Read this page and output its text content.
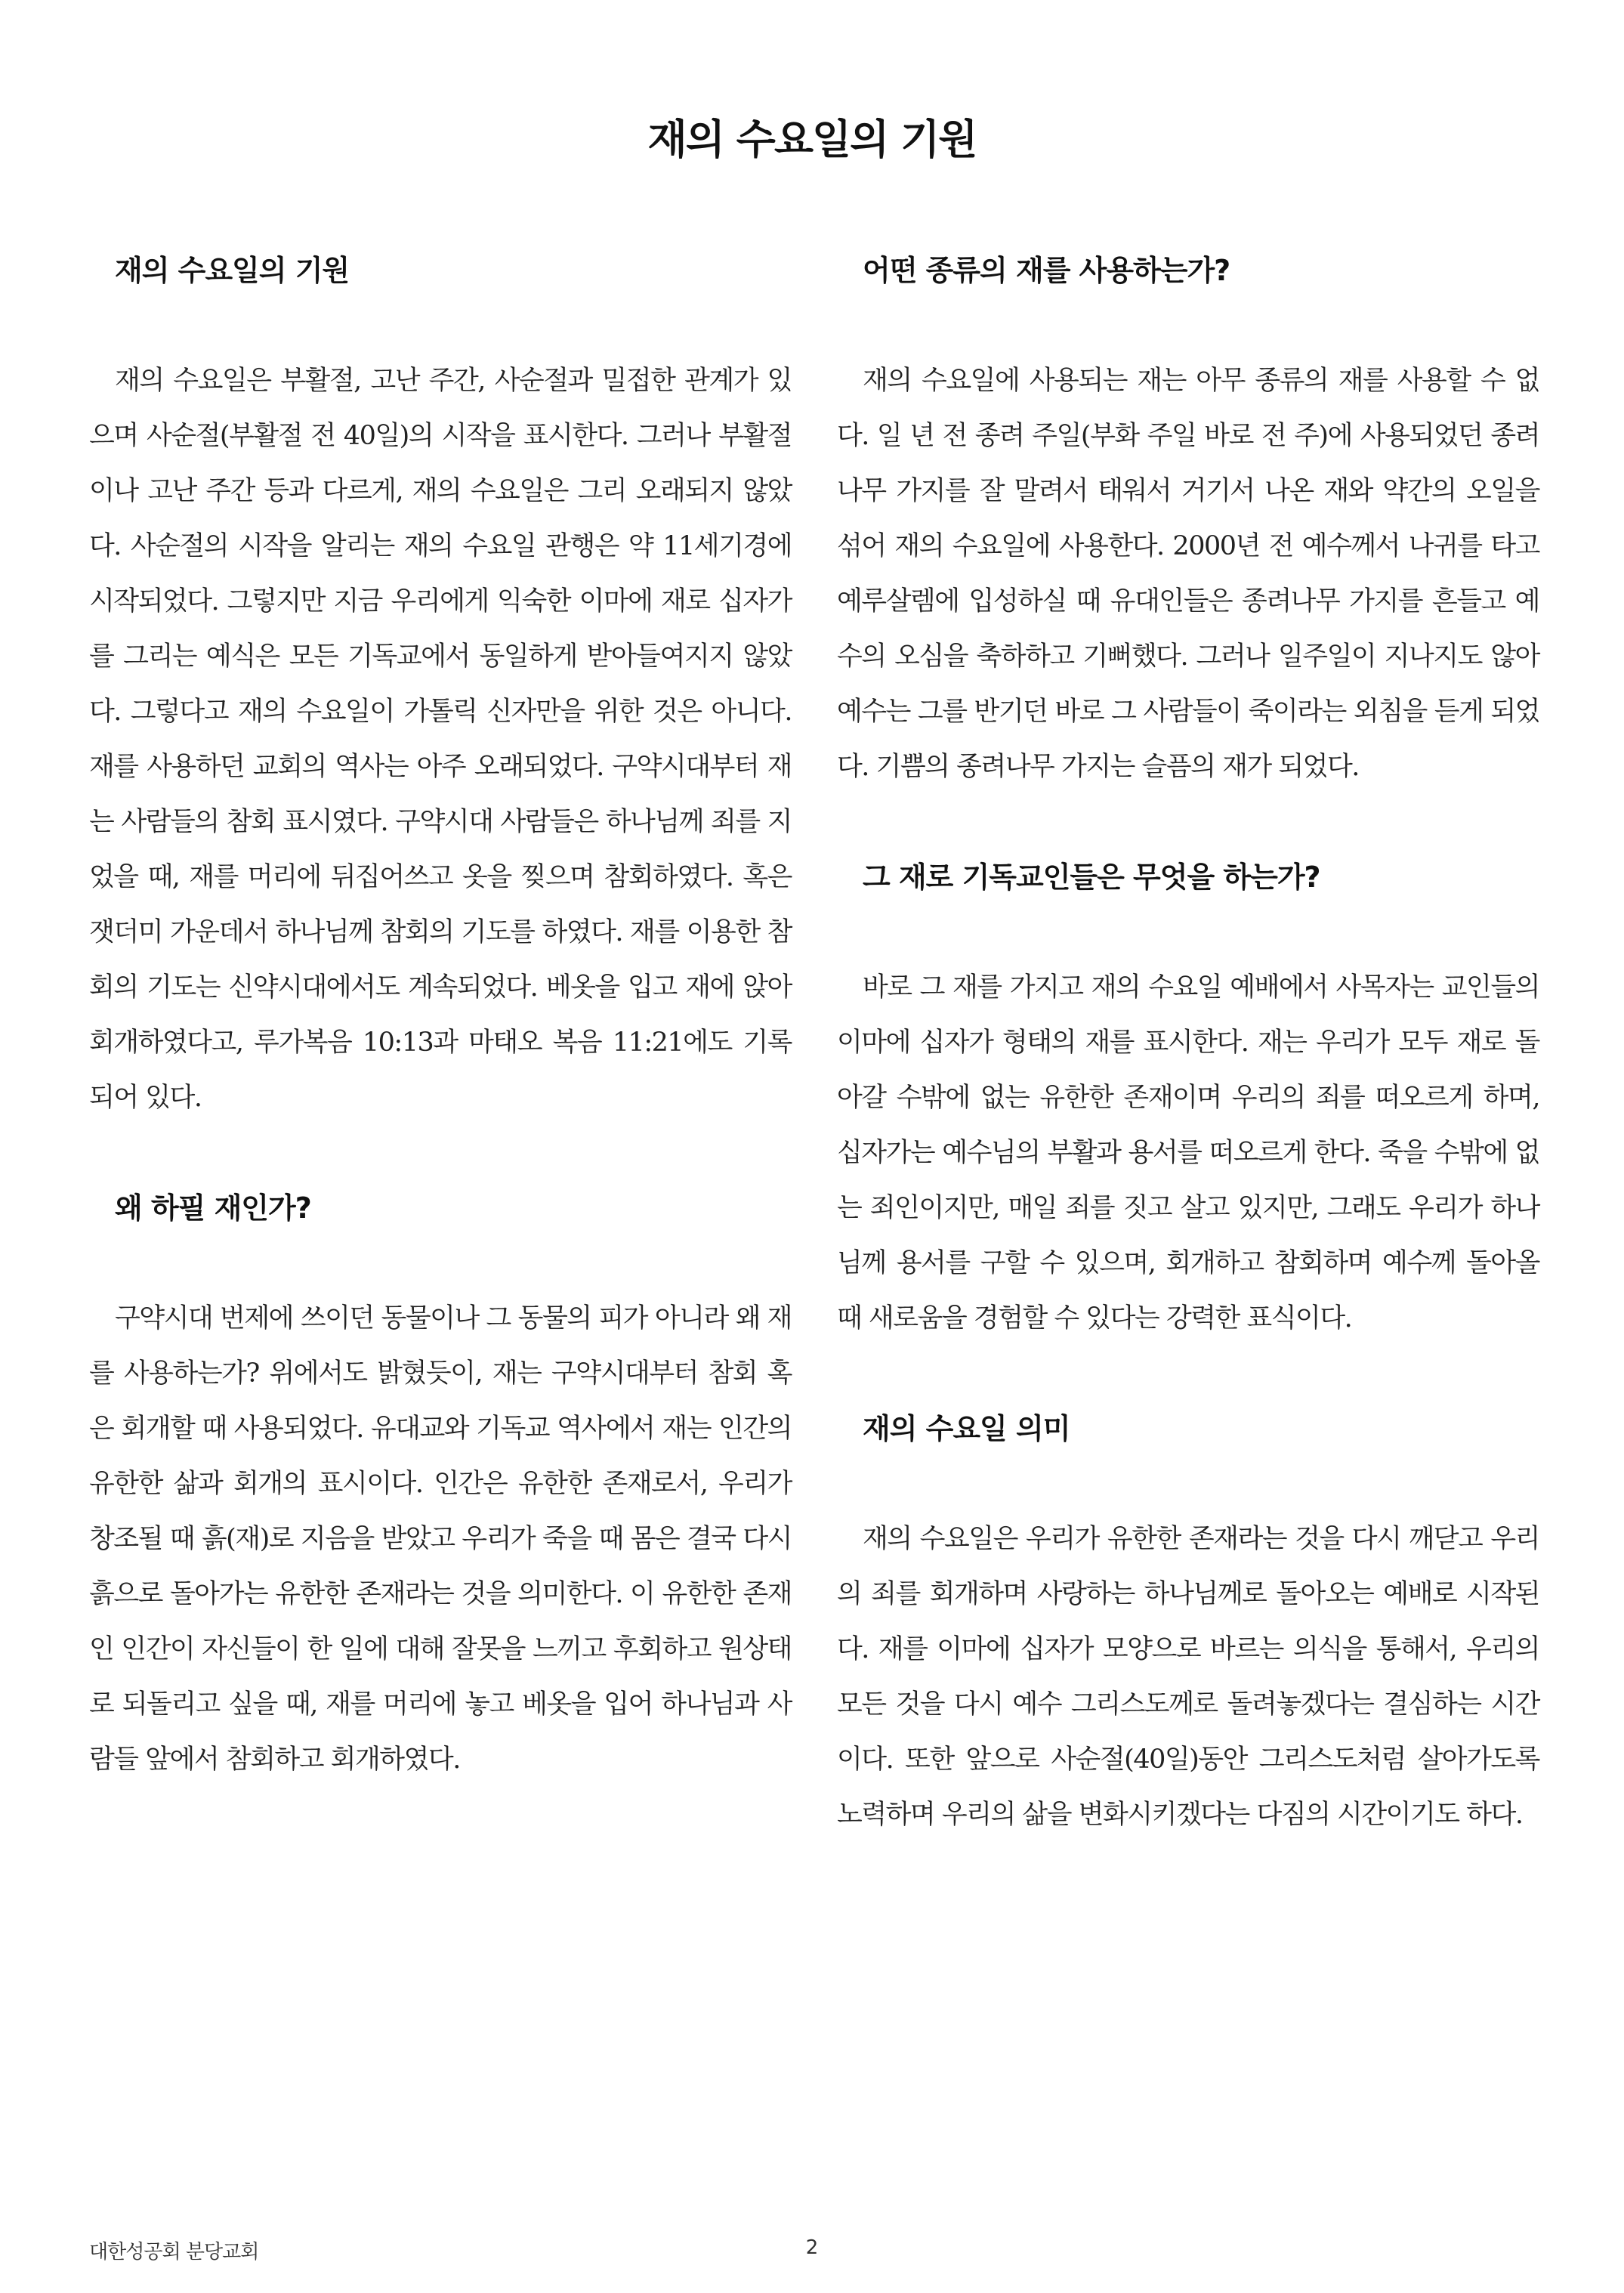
재의 수요일의 기원
재의 수요일의 기원

재의 수요일은 부활절, 고난 주간, 사순절과 밀접한 관계가 있으며 사순절(부활절 전 40일)의 시작을 표시한다. 그러나 부활절이나 고난 주간 등과 다르게, 재의 수요일은 그리 오래되지 않았다. 사순절의 시작을 알리는 재의 수요일 관행은 약 11세기경에 시작되었다. 그렇지만 지금 우리에게 익숙한 이마에 재로 십자가를 그리는 예식은 모든 기독교에서 동일하게 받아들여지지 않았다. 그렇다고 재의 수요일이 가톨릭 신자만을 위한 것은 아니다. 재를 사용하던 교회의 역사는 아주 오래되었다. 구약시대부터 재는 사람들의 참회 표시였다. 구약시대 사람들은 하나님께 죄를 지었을 때, 재를 머리에 뒤집어쓰고 옷을 찢으며 참회하였다. 혹은 잿더미 가운데서 하나님께 참회의 기도를 하였다. 재를 이용한 참회의 기도는 신약시대에서도 계속되었다. 베옷을 입고 재에 앉아 회개하였다고, 루가복음 10:13과 마태오 복음 11:21에도 기록되어 있다.

왜 하필 재인가?

구약시대 번제에 쓰이던 동물이나 그 동물의 피가 아니라 왜 재를 사용하는가? 위에서도 밝혔듯이, 재는 구약시대부터 참회 혹은 회개할 때 사용되었다. 유대교와 기독교 역사에서 재는 인간의 유한한 삶과 회개의 표시이다. 인간은 유한한 존재로서, 우리가 창조될 때 흙(재)로 지음을 받았고 우리가 죽을 때 몸은 결국 다시 흙으로 돌아가는 유한한 존재라는 것을 의미한다. 이 유한한 존재인 인간이 자신들이 한 일에 대해 잘못을 느끼고 후회하고 원상태로 되돌리고 싶을 때, 재를 머리에 놓고 베옷을 입어 하나님과 사람들 앞에서 참회하고 회개하였다.

어떤 종류의 재를 사용하는가?

재의 수요일에 사용되는 재는 아무 종류의 재를 사용할 수 없다. 일 년 전 종려 주일(부화 주일 바로 전 주)에 사용되었던 종려나무 가지를 잘 말려서 태워서 거기서 나온 재와 약간의 오일을 섞어 재의 수요일에 사용한다. 2000년 전 예수께서 나귀를 타고 예루살렘에 입성하실 때 유대인들은 종려나무 가지를 흔들고 예수의 오심을 축하하고 기뻐했다. 그러나 일주일이 지나지도 않아 예수는 그를 반기던 바로 그 사람들이 죽이라는 외침을 듣게 되었다. 기쁨의 종려나무 가지는 슬픔의 재가 되었다.

그 재로 기독교인들은 무엇을 하는가?

바로 그 재를 가지고 재의 수요일 예배에서 사목자는 교인들의 이마에 십자가 형태의 재를 표시한다. 재는 우리가 모두 재로 돌아갈 수밖에 없는 유한한 존재이며 우리의 죄를 떠오르게 하며, 십자가는 예수님의 부활과 용서를 떠오르게 한다. 죽을 수밖에 없는 죄인이지만, 매일 죄를 짓고 살고 있지만, 그래도 우리가 하나님께 용서를 구할 수 있으며, 회개하고 참회하며 예수께 돌아올 때 새로움을 경험할 수 있다는 강력한 표식이다.

재의 수요일 의미

재의 수요일은 우리가 유한한 존재라는 것을 다시 깨닫고 우리의 죄를 회개하며 사랑하는 하나님께로 돌아오는 예배로 시작된다. 재를 이마에 십자가 모양으로 바르는 의식을 통해서, 우리의 모든 것을 다시 예수 그리스도께로 돌려놓겠다는 결심하는 시간이다. 또한 앞으로 사순절(40일)동안 그리스도처럼 살아가도록 노력하며 우리의 삶을 변화시키겠다는 다짐의 시간이기도 하다.

대한성공회 분당교회	2
